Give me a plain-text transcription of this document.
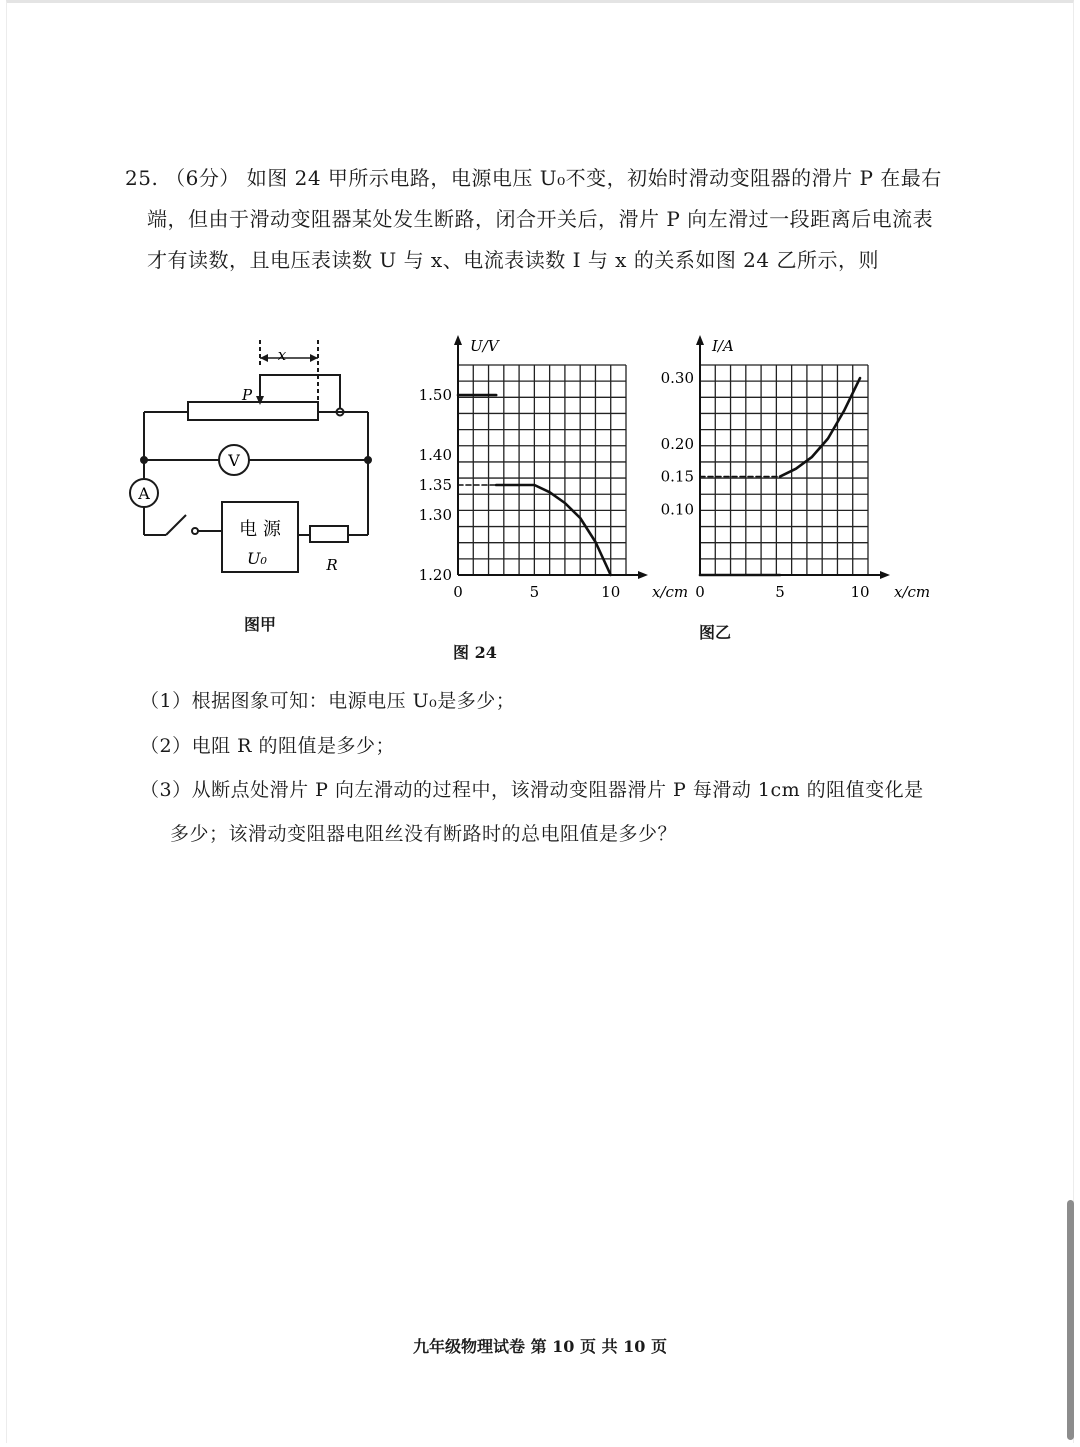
25. （6分） 如图 24 甲所示电路，电源电压 U₀不变，初始时滑动变阻器的滑片 P 在最右
端，但由于滑动变阻器某处发生断路，闭合开关后，滑片 P 向左滑过一段距离后电流表
才有读数，且电压表读数 U 与 x、电流表读数 I 与 x 的关系如图 24 乙所示，则
x
P
V
A
电 源
U₀	R
图甲
U/V
x/cm
0	5	10
1.20
1.30
1.35
1.40
1.50
I/A
x/cm
0	5	10
0.10
0.15
0.20
0.30
图 24
图乙
（1）根据图象可知：电源电压 U₀是多少；
（2）电阻 R 的阻值是多少；
（3）从断点处滑片 P 向左滑动的过程中，该滑动变阻器滑片 P 每滑动 1cm 的阻值变化是
多少；该滑动变阻器电阻丝没有断路时的总电阻值是多少？
九年级物理试卷 第 10 页 共 10 页
